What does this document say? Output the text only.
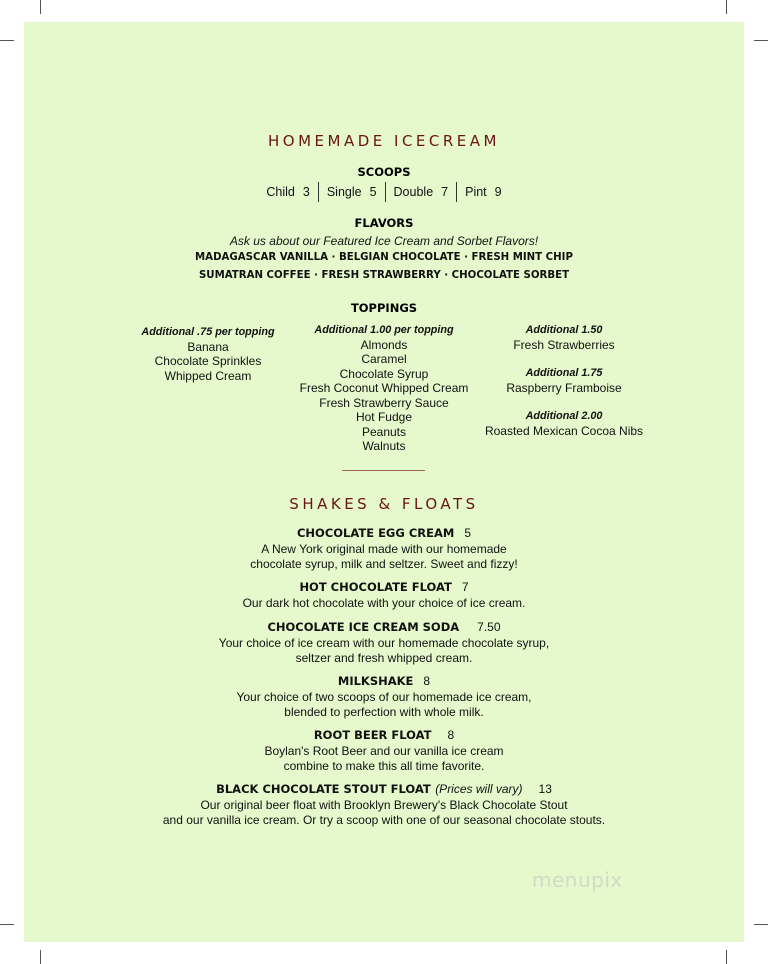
HOMEMADE ICECREAM
SCOOPS
Child 3	Single 5	Double 7	Pint 9
FLAVORS
Ask us about our Featured Ice Cream and Sorbet Flavors!
MADAGASCAR VANILLA · BELGIAN CHOCOLATE · FRESH MINT CHIP
SUMATRAN COFFEE · FRESH STRAWBERRY · CHOCOLATE SORBET
TOPPINGS
Additional .75 per topping
Banana
Chocolate Sprinkles
Whipped Cream
Additional 1.00 per topping
Almonds
Caramel
Chocolate Syrup
Fresh Coconut Whipped Cream
Fresh Strawberry Sauce
Hot Fudge
Peanuts
Walnuts
Additional 1.50
Fresh Strawberries
Additional 1.75
Raspberry Framboise
Additional 2.00
Roasted Mexican Cocoa Nibs
SHAKES & FLOATS
CHOCOLATE EGG CREAM 5
A New York original made with our homemade
chocolate syrup, milk and seltzer. Sweet and fizzy!
HOT CHOCOLATE FLOAT 7
Our dark hot chocolate with your choice of ice cream.
CHOCOLATE ICE CREAM SODA 7.50
Your choice of ice cream with our homemade chocolate syrup,
seltzer and fresh whipped cream.
MILKSHAKE 8
Your choice of two scoops of our homemade ice cream,
blended to perfection with whole milk.
ROOT BEER FLOAT 8
Boylan's Root Beer and our vanilla ice cream
combine to make this all time favorite.
BLACK CHOCOLATE STOUT FLOAT (Prices will vary) 13
Our original beer float with Brooklyn Brewery's Black Chocolate Stout
and our vanilla ice cream. Or try a scoop with one of our seasonal chocolate stouts.
menupix
